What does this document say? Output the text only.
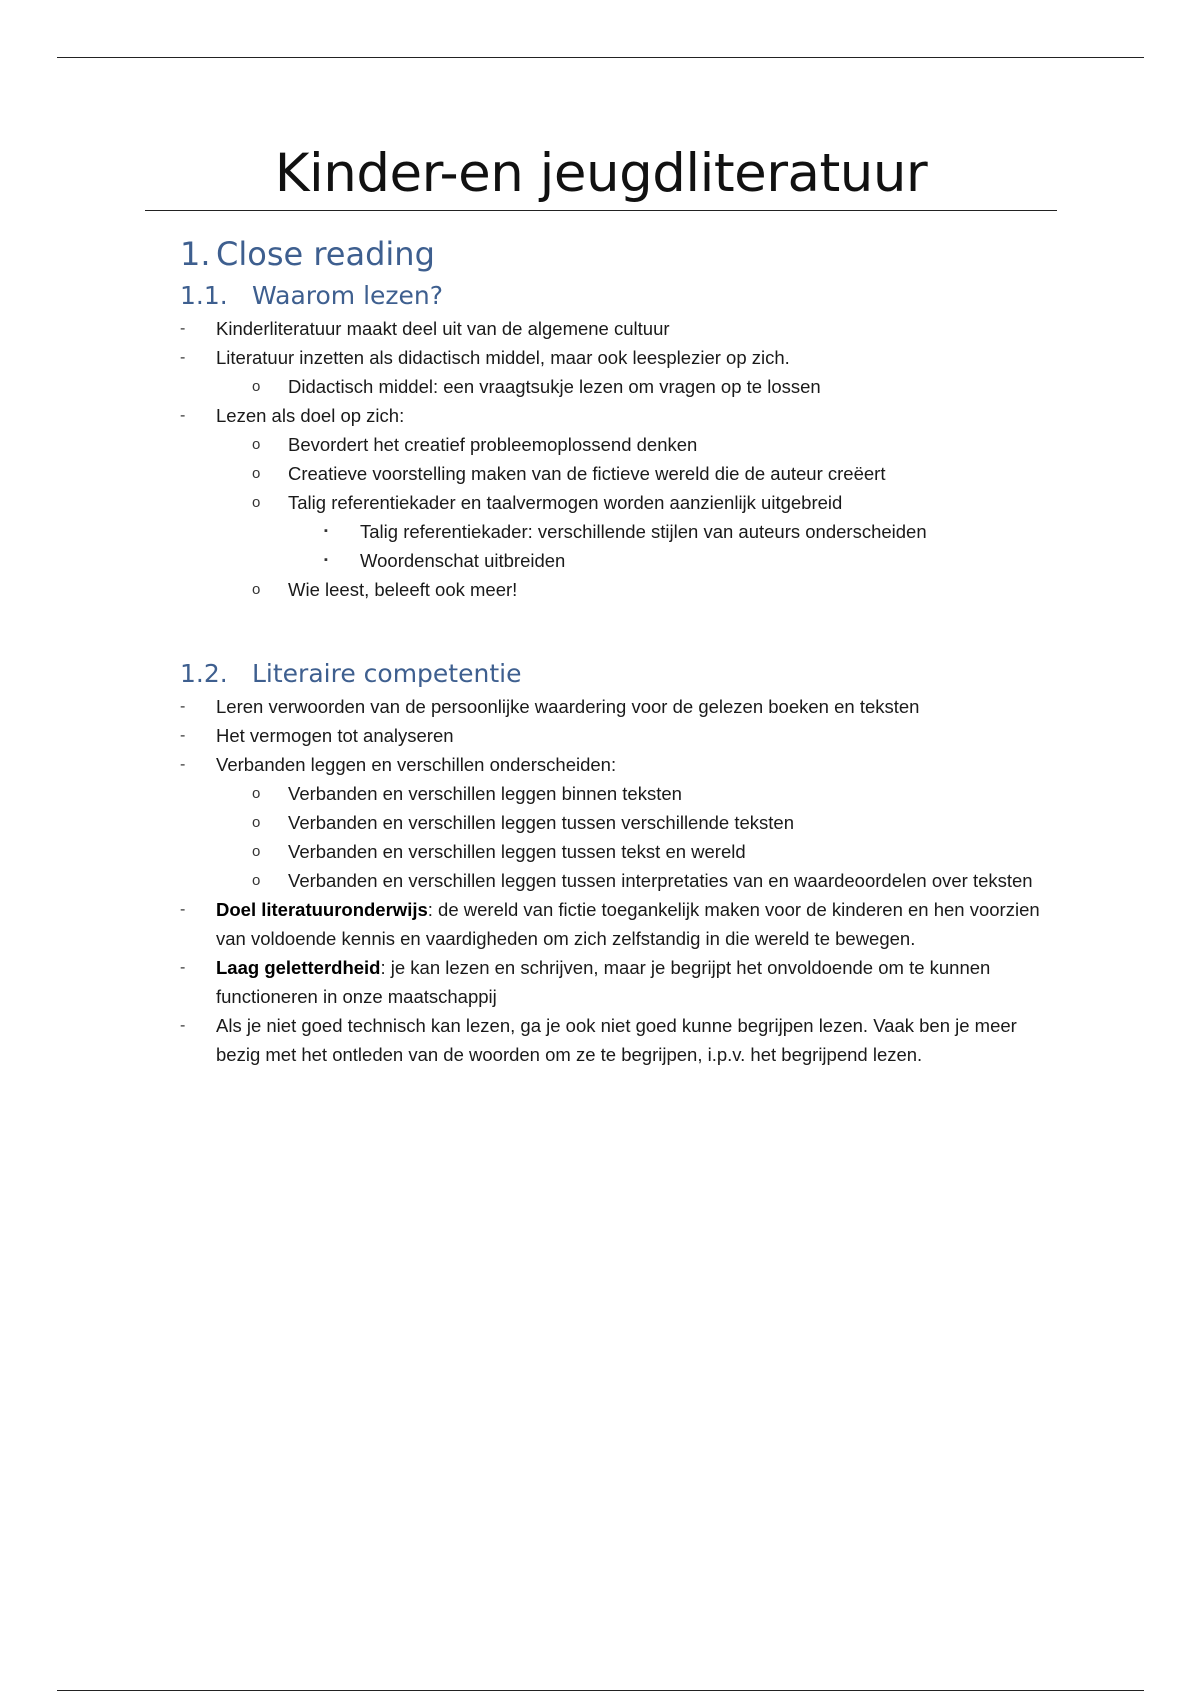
Kinder-en jeugdliteratuur
1. Close reading
1.1. Waarom lezen?
- Kinderliteratuur maakt deel uit van de algemene cultuur
- Literatuur inzetten als didactisch middel, maar ook leesplezier op zich.
o Didactisch middel: een vraagtsukje lezen om vragen op te lossen
- Lezen als doel op zich:
o Bevordert het creatief probleemoplossend denken
o Creatieve voorstelling maken van de fictieve wereld die de auteur creëert
o Talig referentiekader en taalvermogen worden aanzienlijk uitgebreid
▪ Talig referentiekader: verschillende stijlen van auteurs onderscheiden
▪ Woordenschat uitbreiden
o Wie leest, beleeft ook meer!
1.2. Literaire competentie
- Leren verwoorden van de persoonlijke waardering voor de gelezen boeken en teksten
- Het vermogen tot analyseren
- Verbanden leggen en verschillen onderscheiden:
o Verbanden en verschillen leggen binnen teksten
o Verbanden en verschillen leggen tussen verschillende teksten
o Verbanden en verschillen leggen tussen tekst en wereld
o Verbanden en verschillen leggen tussen interpretaties van en waardeoordelen over teksten
- Doel literatuuronderwijs: de wereld van fictie toegankelijk maken voor de kinderen en hen voorzien van voldoende kennis en vaardigheden om zich zelfstandig in die wereld te bewegen.
- Laag geletterdheid: je kan lezen en schrijven, maar je begrijpt het onvoldoende om te kunnen functioneren in onze maatschappij
- Als je niet goed technisch kan lezen, ga je ook niet goed kunne begrijpen lezen. Vaak ben je meer bezig met het ontleden van de woorden om ze te begrijpen, i.p.v. het begrijpend lezen.
